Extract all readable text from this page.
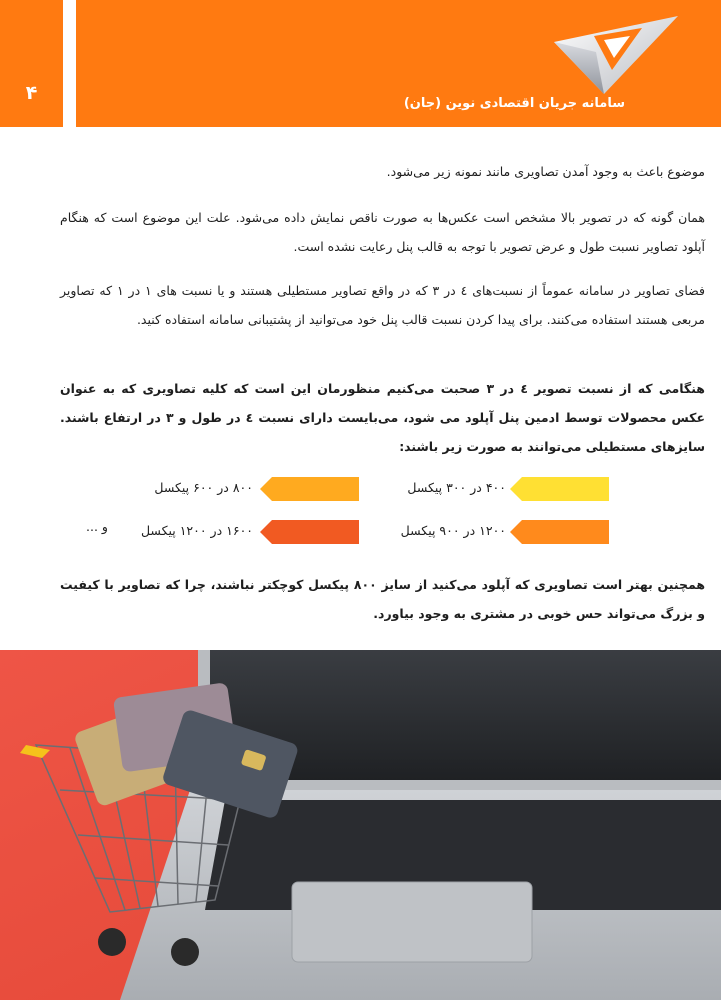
۴	سامانه جریان اقتصادی نوین (جان)

موضوع باعث به وجود آمدن تصاویری مانند نمونه زیر می‌شود.

همان گونه که در تصویر بالا مشخص است عکس‌ها به صورت ناقص نمایش داده می‌شود. علت این موضوع است که هنگام آپلود تصاویر نسبت طول و عرض تصویر با توجه به قالب پنل رعایت نشده است.

فضای تصاویر در سامانه عموماً از نسبت‌های ٤ در ٣ که در واقع تصاویر مستطیلی هستند و یا نسبت های ١ در ١ که تصاویر مربعی هستند استفاده می‌کنند. برای پیدا کردن نسبت قالب پنل خود می‌توانید از پشتیبانی سامانه استفاده کنید.

هنگامی که از نسبت تصویر ٤ در ٣ صحبت می‌کنیم منظورمان این است که کلیه تصاویری که به عنوان عکس محصولات توسط ادمین پنل آپلود می شود، می‌بایست دارای نسبت ٤ در طول و ٣ در ارتفاع باشند. سایزهای مستطیلی می‌توانند به صورت زیر باشند:

۴۰۰ در ۳۰۰ پیکسل
۸۰۰ در ۶۰۰ پیکسل
۱۲۰۰ در ۹۰۰ پیکسل
۱۶۰۰ در ۱۲۰۰ پیکسل
و ...

همچنین بهتر است تصاویری که آپلود می‌کنید از سایز ۸۰۰ پیکسل کوچکتر نباشند، چرا که تصاویر با کیفیت و بزرگ می‌تواند حس خوبی در مشتری به وجود بیاورد.
